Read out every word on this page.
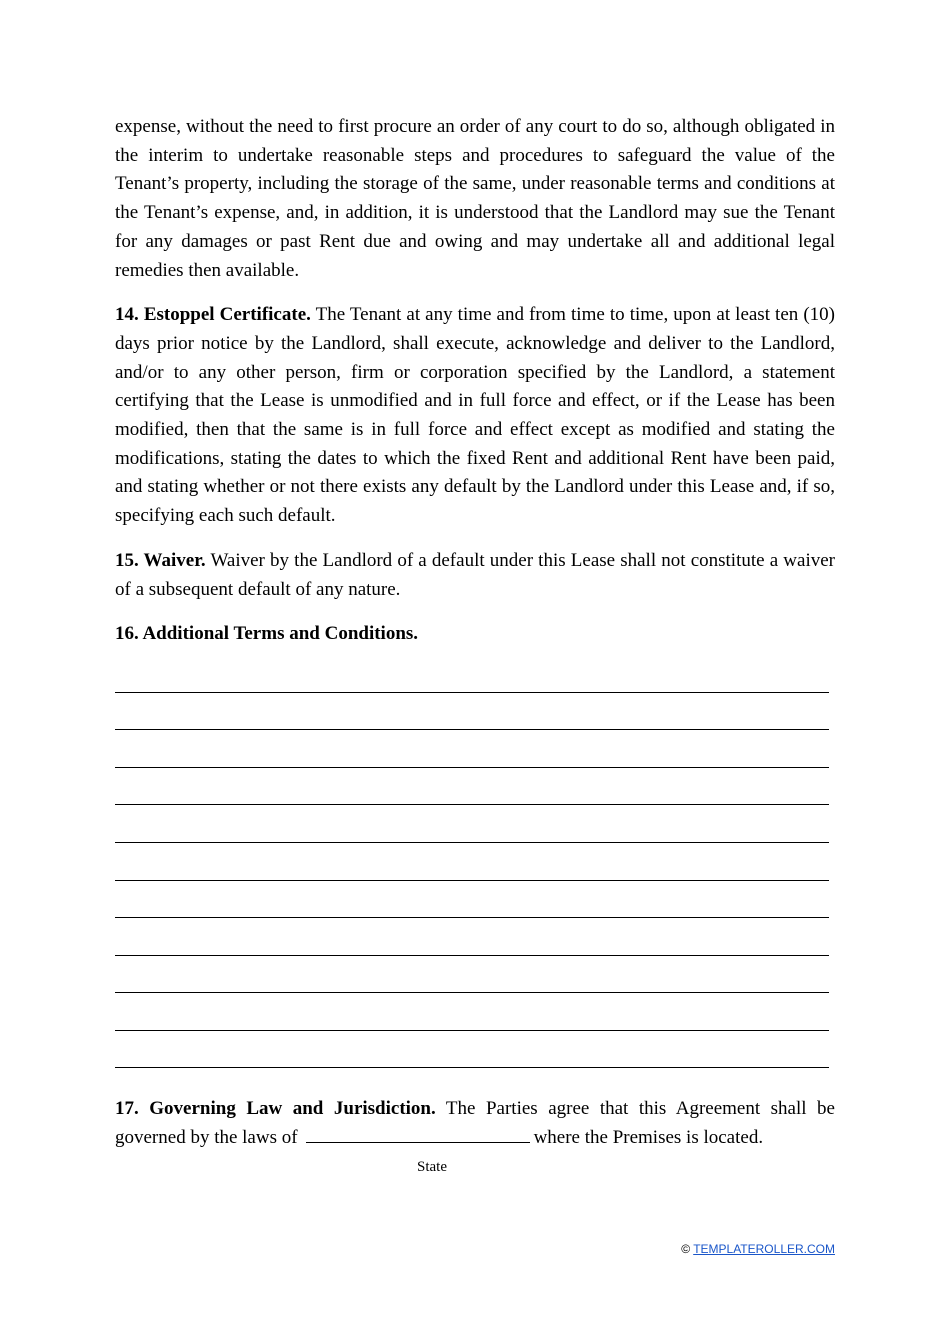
expense, without the need to first procure an order of any court to do so, although obligated in the interim to undertake reasonable steps and procedures to safeguard the value of the Tenant’s property, including the storage of the same, under reasonable terms and conditions at the Tenant’s expense, and, in addition, it is understood that the Landlord may sue the Tenant for any damages or past Rent due and owing and may undertake all and additional legal remedies then available.

14. Estoppel Certificate. The Tenant at any time and from time to time, upon at least ten (10) days prior notice by the Landlord, shall execute, acknowledge and deliver to the Landlord, and/or to any other person, firm or corporation specified by the Landlord, a statement certifying that the Lease is unmodified and in full force and effect, or if the Lease has been modified, then that the same is in full force and effect except as modified and stating the modifications, stating the dates to which the fixed Rent and additional Rent have been paid, and stating whether or not there exists any default by the Landlord under this Lease and, if so, specifying each such default.

15. Waiver. Waiver by the Landlord of a default under this Lease shall not constitute a waiver of a subsequent default of any nature.

16. Additional Terms and Conditions.
17. Governing Law and Jurisdiction. The Parties agree that this Agreement shall be
governed by the laws of	where the Premises is located.
State
© TEMPLATEROLLER.COM
